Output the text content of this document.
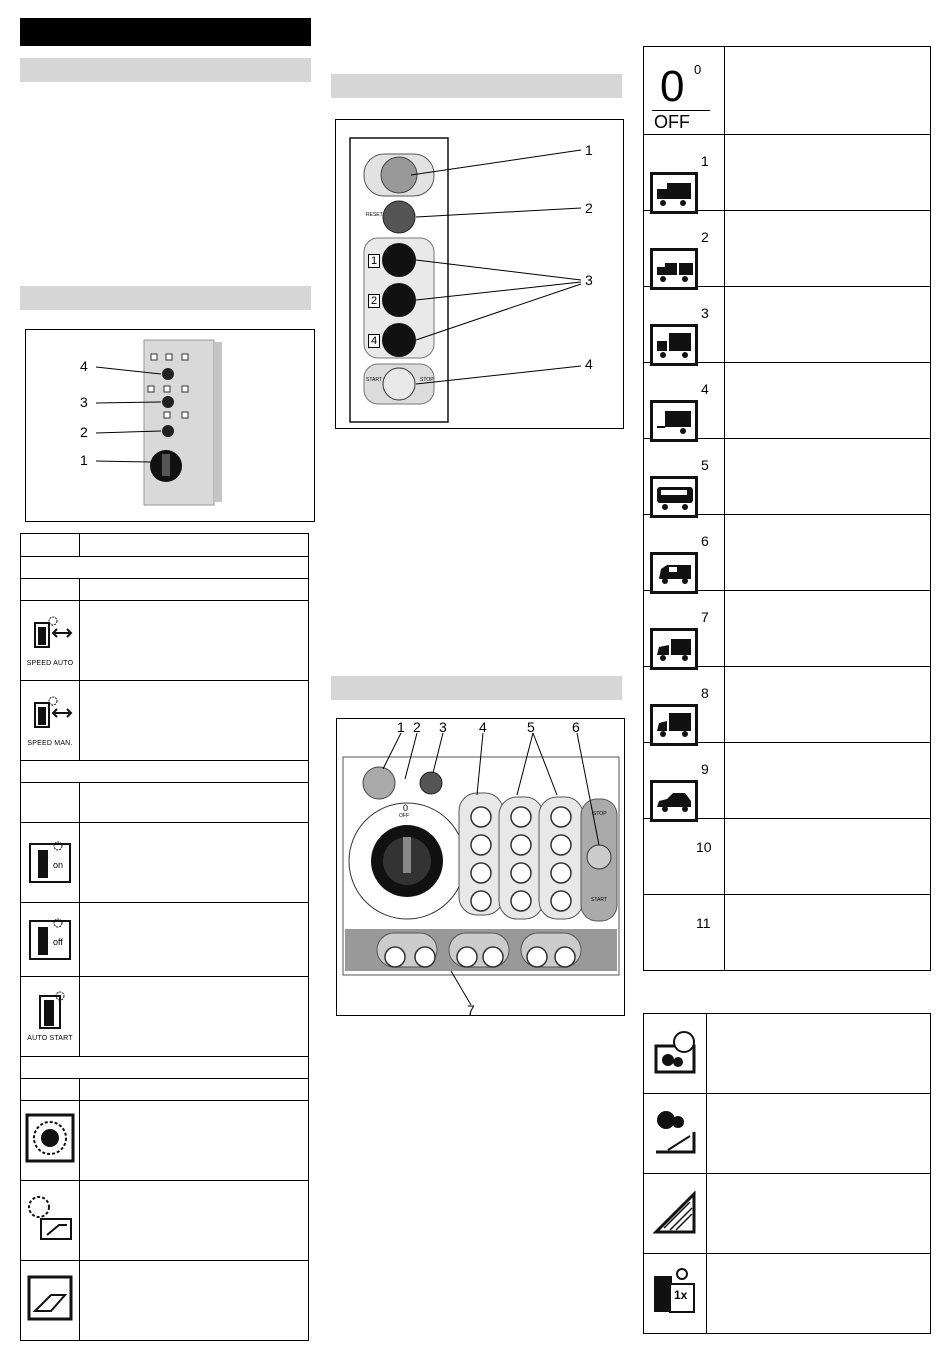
4
3
2
1

SPEED AUTO	

SPEED MAN.	

on	

off	

AUTO START	

RESET
1
2
4
START	STOP
1
2
3
4
1 2 3 4	5	6
7
0
OFF	STOP
START
0 0
OFF	

1	

2	

3	

4	

5	

6	

7	

8	

9	

10	

11	

1x	
